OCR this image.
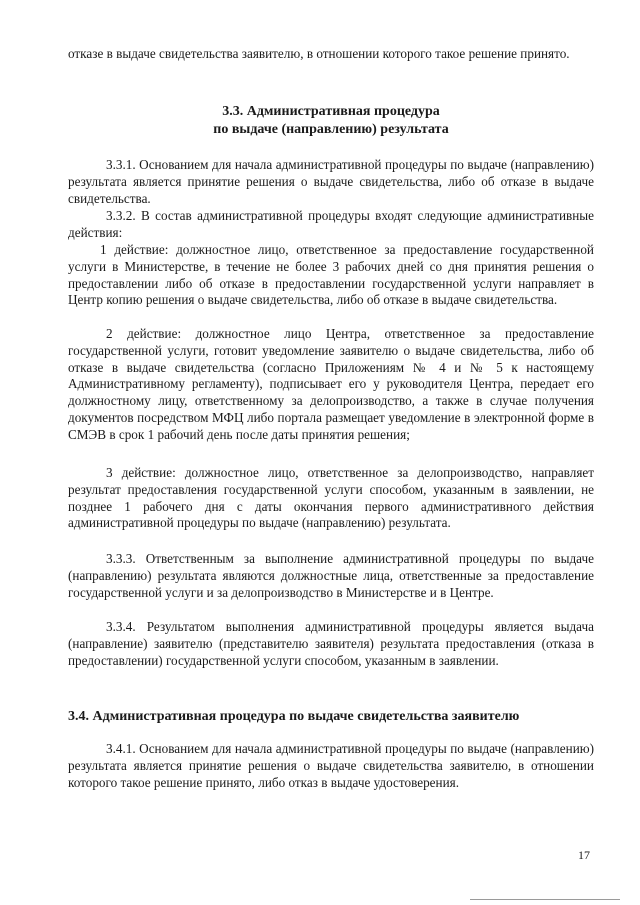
отказе в выдаче свидетельства заявителю, в отношении которого такое решение принято.

3.3. Административная процедура

по выдаче (направлению) результата

3.3.1. Основанием для начала административной процедуры по выдаче (направлению) результата является принятие решения о выдаче свидетельства, либо об отказе в выдаче свидетельства.

3.3.2. В состав административной процедуры входят следующие административные действия:

1 действие: должностное лицо, ответственное за предоставление государственной услуги в Министерстве, в течение не более 3 рабочих дней со дня принятия решения о предоставлении либо об отказе в предоставлении государственной услуги направляет в Центр копию решения о выдаче свидетельства, либо об отказе в выдаче свидетельства.

2 действие: должностное лицо Центра, ответственное за предоставление государственной услуги, готовит уведомление заявителю о выдаче свидетельства, либо об отказе в выдаче свидетельства (согласно Приложениям № 4 и № 5 к настоящему Административному регламенту), подписывает его у руководителя Центра, передает его должностному лицу, ответственному за делопроизводство, а также в случае получения документов посредством МФЦ либо портала размещает уведомление в электронной форме в СМЭВ в срок 1 рабочий день после даты принятия решения;

3 действие: должностное лицо, ответственное за делопроизводство, направляет результат предоставления государственной услуги способом, указанным в заявлении, не позднее 1 рабочего дня с даты окончания первого административного действия административной процедуры по выдаче (направлению) результата.

3.3.3. Ответственным за выполнение административной процедуры по выдаче (направлению) результата являются должностные лица, ответственные за предоставление государственной услуги и за делопроизводство в Министерстве и в Центре.

3.3.4. Результатом выполнения административной процедуры является выдача (направление) заявителю (представителю заявителя) результата предоставления (отказа в предоставлении) государственной услуги способом, указанным в заявлении.

3.4. Административная процедура по выдаче свидетельства заявителю

3.4.1. Основанием для начала административной процедуры по выдаче (направлению) результата является принятие решения о выдаче свидетельства заявителю, в отношении которого такое решение принято, либо отказ в выдаче удостоверения.

17
